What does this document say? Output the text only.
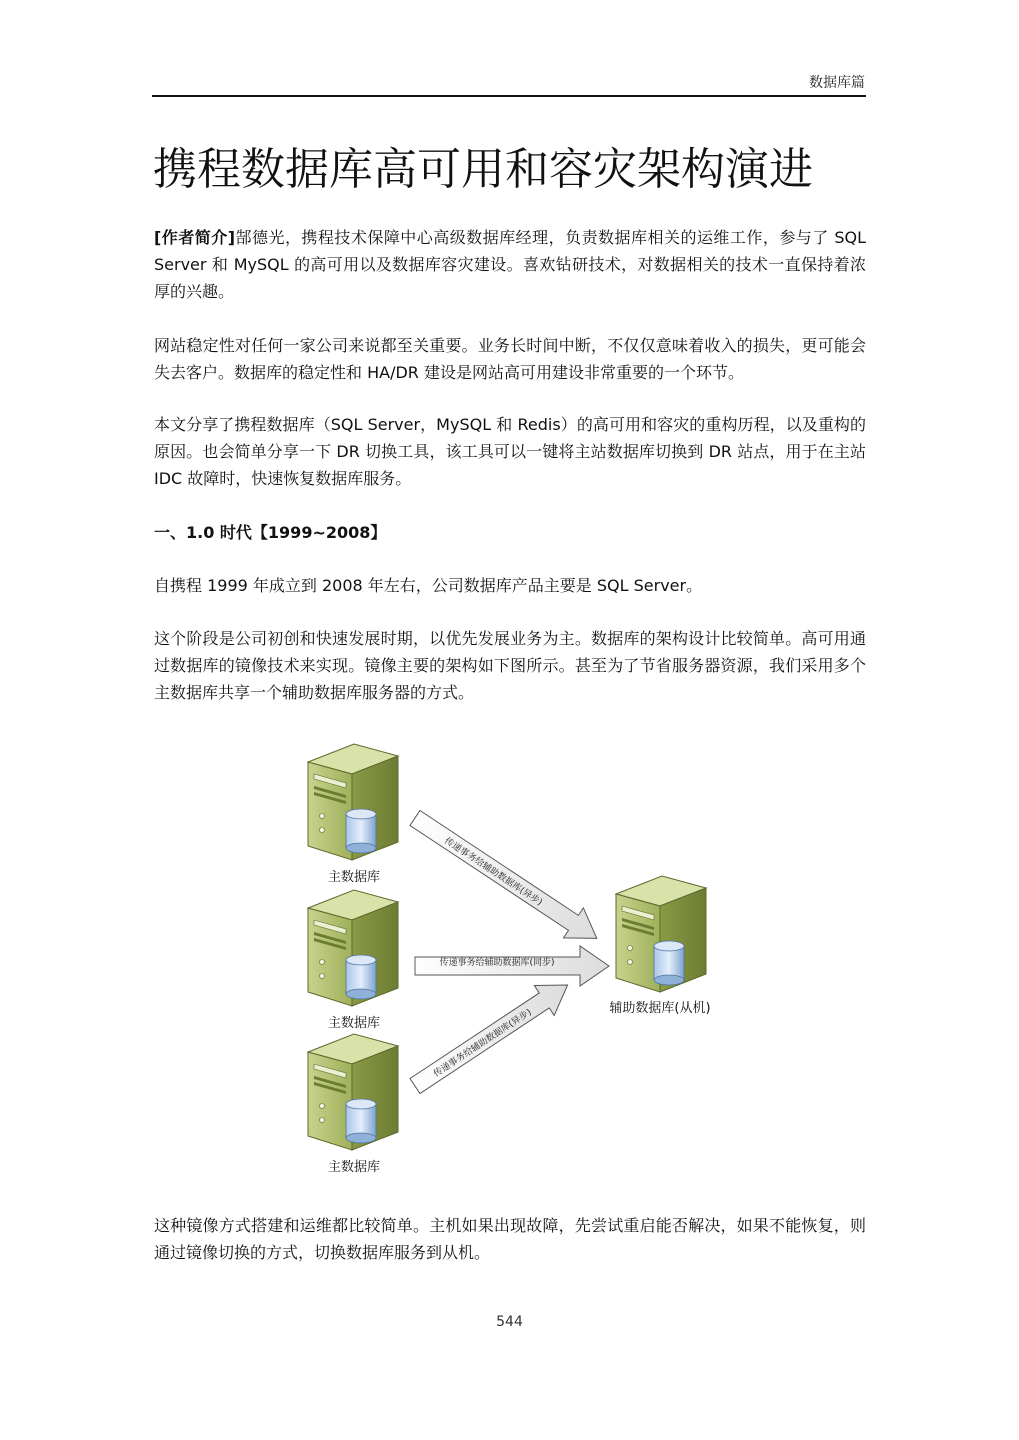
数据库篇
携程数据库高可用和容灾架构演进
[作者简介]郜德光，携程技术保障中心高级数据库经理，负责数据库相关的运维工作，参与了 SQL Server 和 MySQL 的高可用以及数据库容灾建设。喜欢钻研技术，对数据相关的技术一直保持着浓厚的兴趣。
网站稳定性对任何一家公司来说都至关重要。业务长时间中断，不仅仅意味着收入的损失，更可能会失去客户。数据库的稳定性和 HA/DR 建设是网站高可用建设非常重要的一个环节。
本文分享了携程数据库（SQL Server，MySQL 和 Redis）的高可用和容灾的重构历程，以及重构的原因。也会简单分享一下 DR 切换工具，该工具可以一键将主站数据库切换到 DR 站点，用于在主站 IDC 故障时，快速恢复数据库服务。
一、1.0 时代【1999~2008】
自携程 1999 年成立到 2008 年左右，公司数据库产品主要是 SQL Server。
这个阶段是公司初创和快速发展时期，以优先发展业务为主。数据库的架构设计比较简单。高可用通过数据库的镜像技术来实现。镜像主要的架构如下图所示。甚至为了节省服务器资源，我们采用多个主数据库共享一个辅助数据库服务器的方式。
主数据库
主数据库
主数据库
辅助数据库(从机)
传递事务给辅助数据库(异步)
传递事务给辅助数据库(同步)
传递事务给辅助数据库(异步)
这种镜像方式搭建和运维都比较简单。主机如果出现故障，先尝试重启能否解决，如果不能恢复，则通过镜像切换的方式，切换数据库服务到从机。
544
